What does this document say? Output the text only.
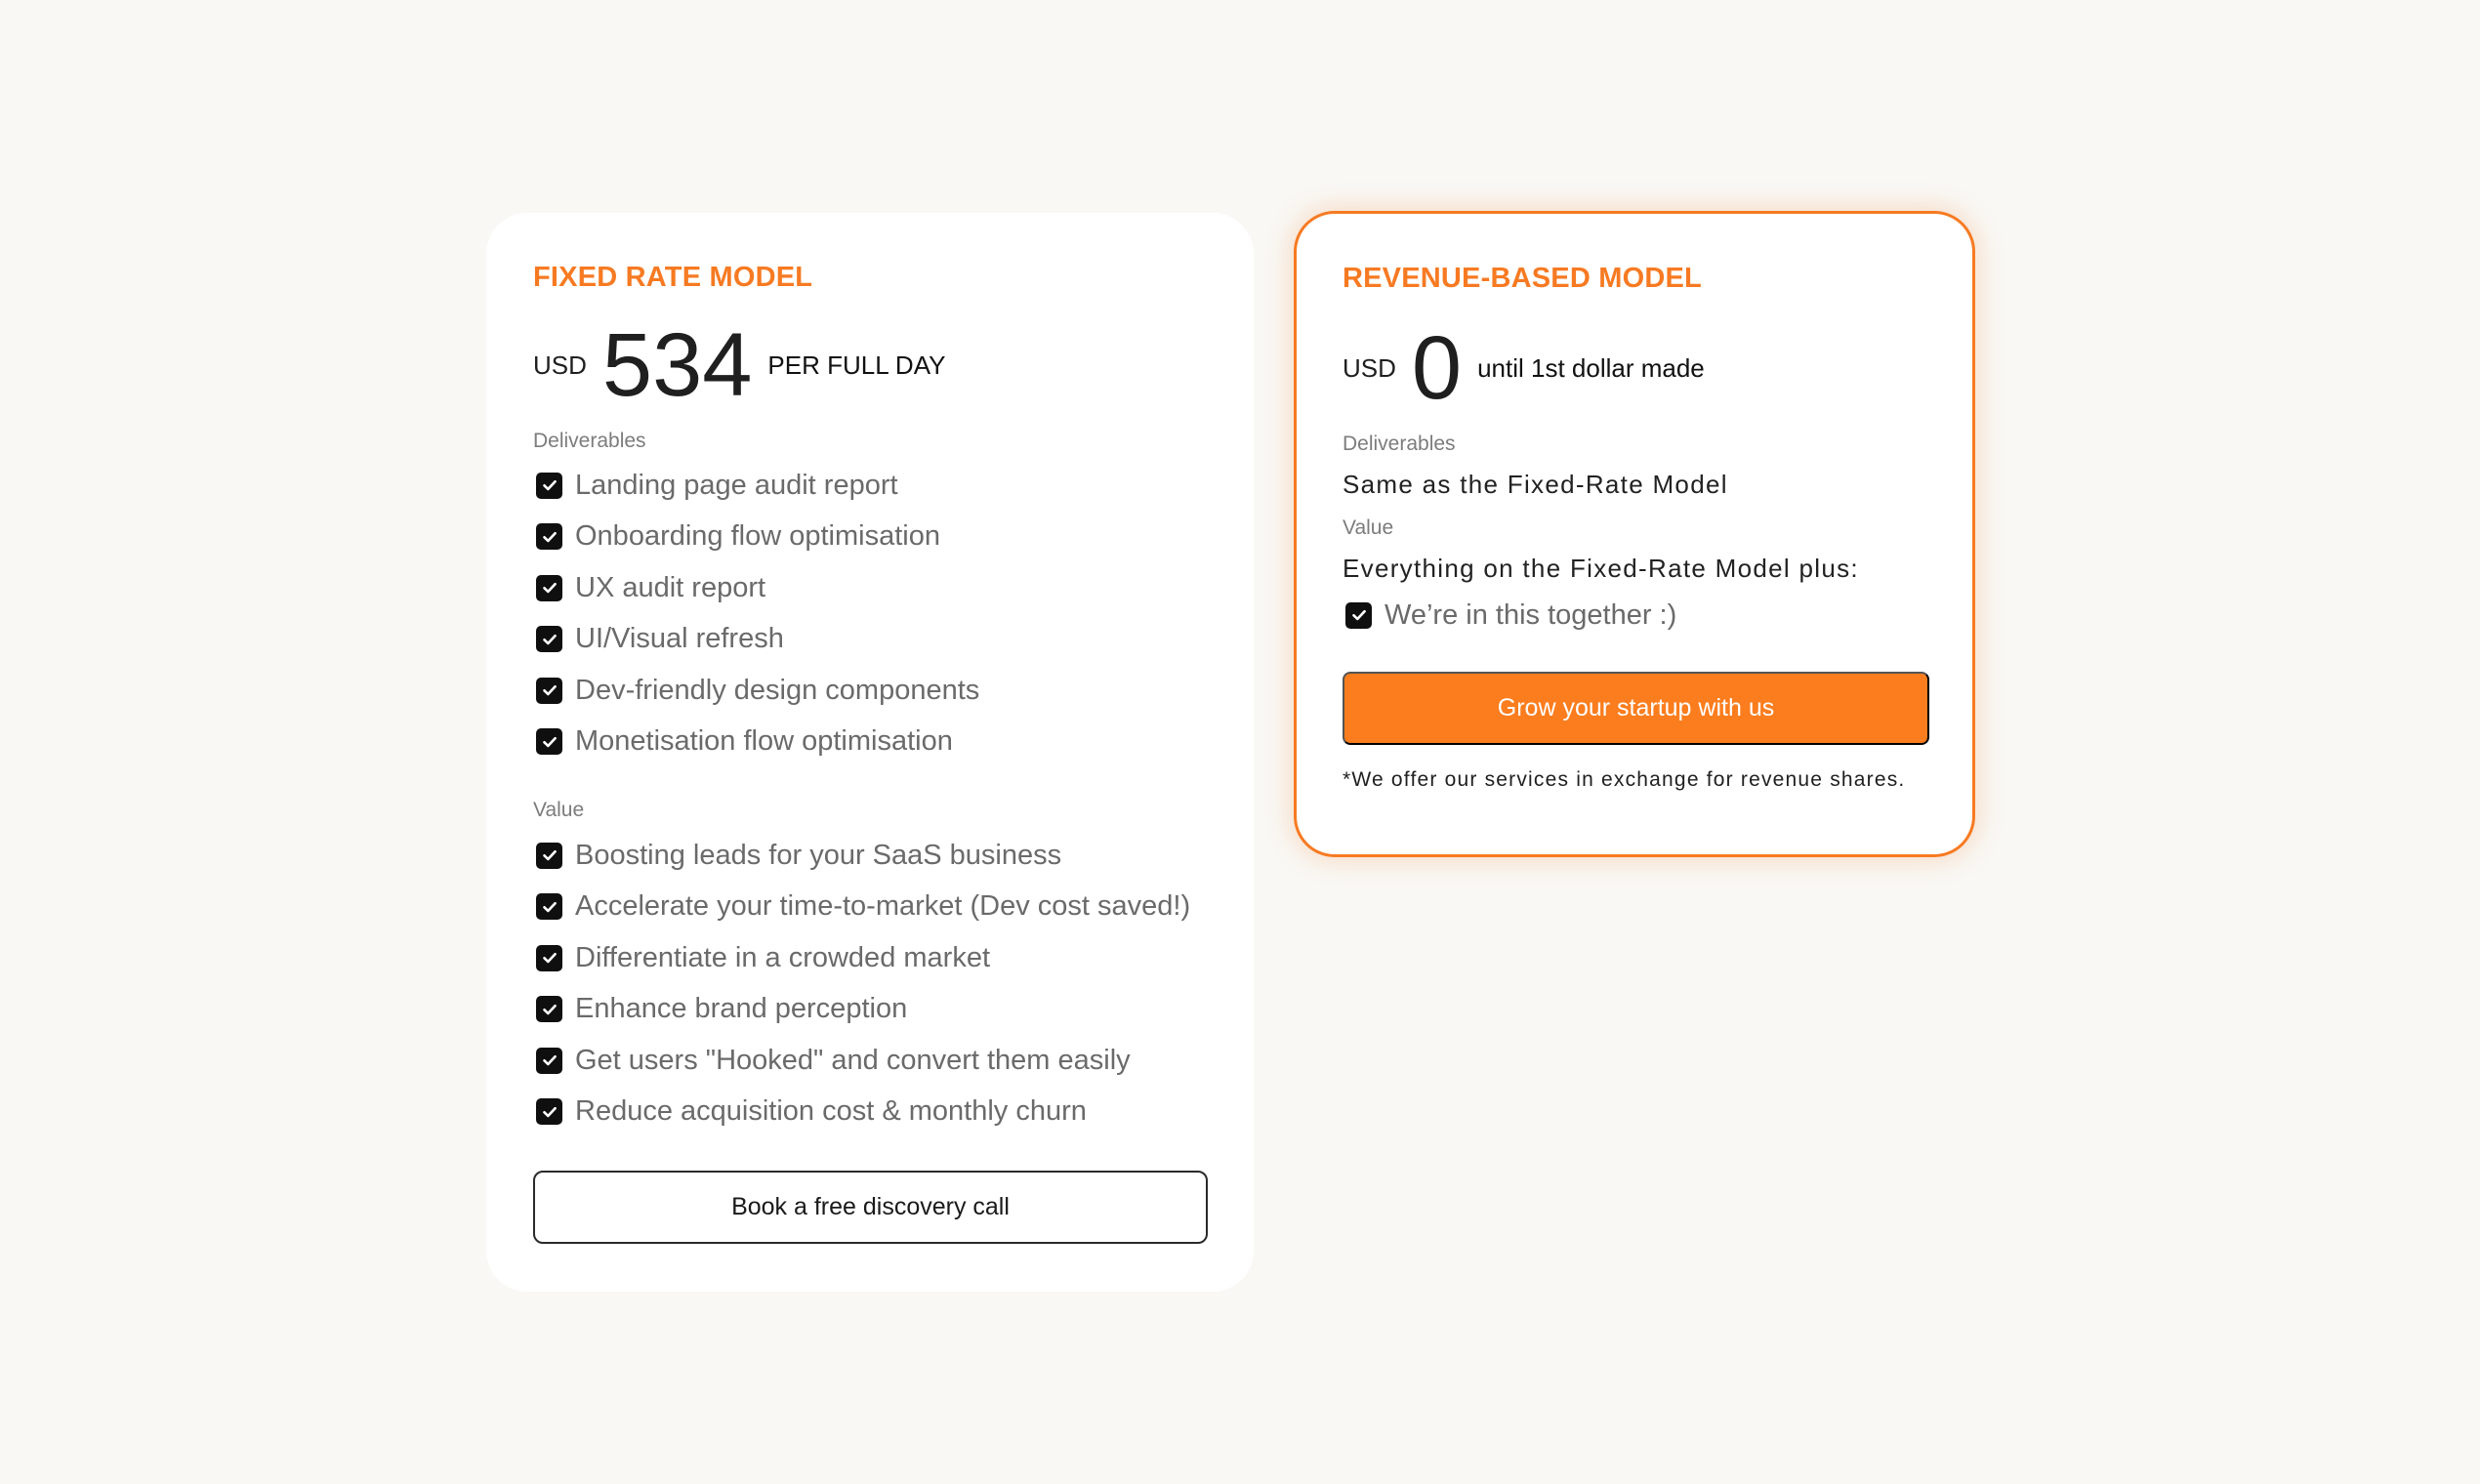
FIXED RATE MODEL
USD 534 PER FULL DAY
Deliverables
Landing page audit report
Onboarding flow optimisation
UX audit report
UI/Visual refresh
Dev-friendly design components
Monetisation flow optimisation
Value
Boosting leads for your SaaS business
Accelerate your time-to-market (Dev cost saved!)
Differentiate in a crowded market
Enhance brand perception
Get users "Hooked" and convert them easily
Reduce acquisition cost & monthly churn
Book a free discovery call
REVENUE-BASED MODEL
USD 0 until 1st dollar made
Deliverables
Same as the Fixed-Rate Model
Value
Everything on the Fixed-Rate Model plus:
We’re in this together :)
Grow your startup with us
*We offer our services in exchange for revenue shares.
